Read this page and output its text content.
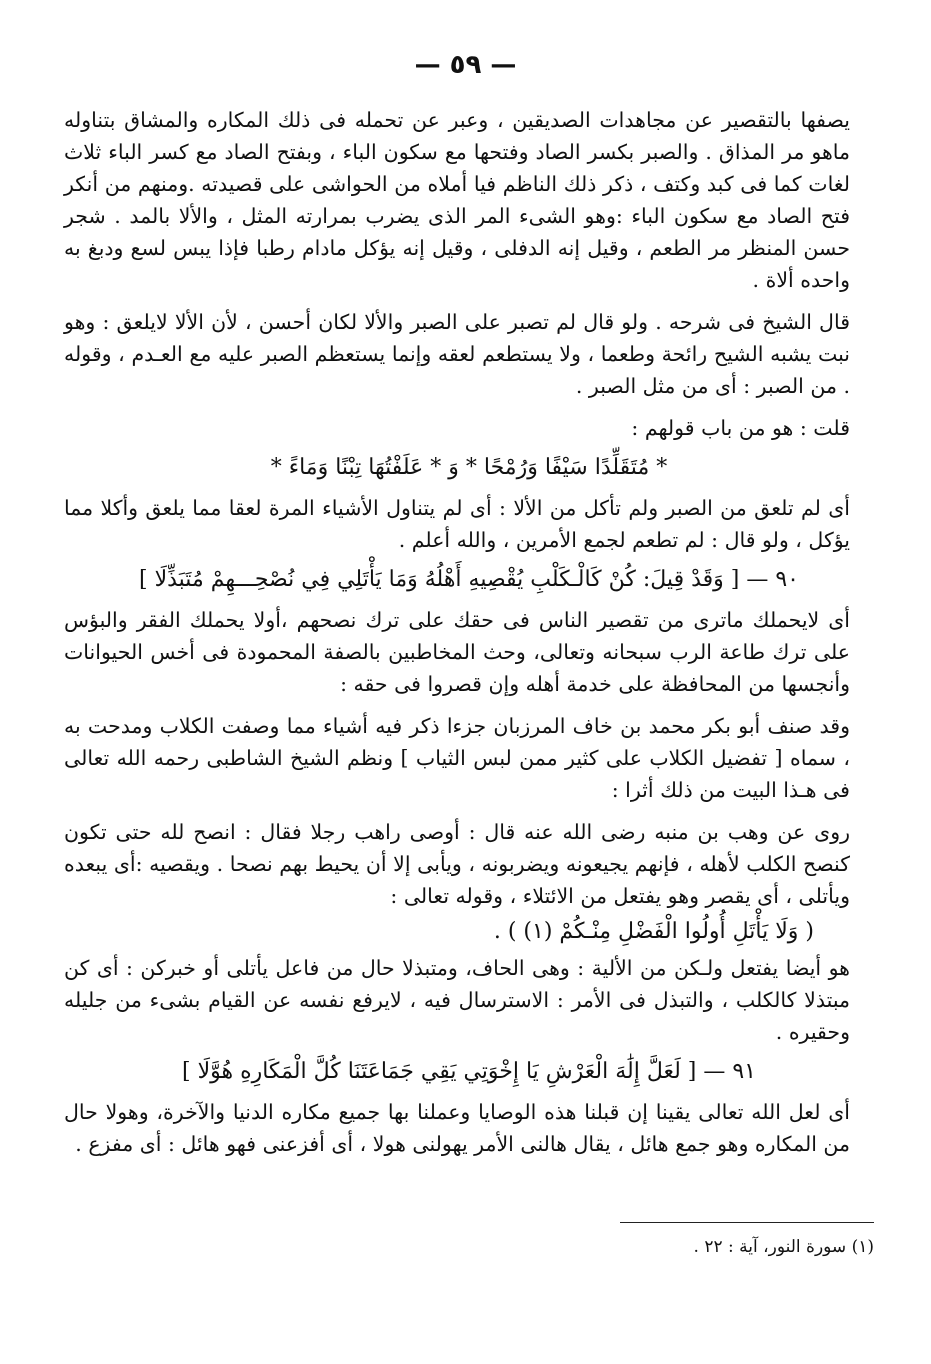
— ٥٩ —

يصفها بالتقصير عن مجاهدات الصديقين ، وعبر عن تحمله فى ذلك المكاره والمشاق بتناوله ماهو مر المذاق . والصبر بكسر الصاد وفتحها مع سكون الباء ، وبفتح الصاد مع كسر الباء ثلاث لغات كما فى كبد وكتف ، ذكر ذلك الناظم فيا أملاه من الحواشى على قصيدته .ومنهم من أنكر فتح الصاد مع سكون الباء :وهو الشىء المر الذى يضرب بمرارته المثل ، والألا بالمد . شجر حسن المنظر مر الطعم ، وقيل إنه الدفلى ، وقيل إنه يؤكل مادام رطبا فإذا يبس لسع ودبغ به واحده ألاة .

قال الشيخ فى شرحه . ولو قال لم تصبر على الصبر والألا لكان أحسن ، لأن الألا لايلعق : وهو نبت يشبه الشيح رائحة وطعما ، ولا يستطعم لعقه وإنما يستعظم الصبر عليه مع العـدم ، وقوله . من الصبر : أى من مثل الصبر .

قلت : هو من باب قولهم :

* مُتَقَلِّدًا سَيْفًا وَرُمْحًا * وَ * عَلَفْتُهَا تِبْنًا وَمَاءً *

أى لم تلعق من الصبر ولم تأكل من الألا : أى لم يتناول الأشياء المرة لعقا مما يلعق وأكلا مما يؤكل ، ولو قال : لم تطعم لجمع الأمرين ، والله أعلم .

٩٠ — [ وَقَدْ قِيلَ: كُنْ كَالْـكَلْبِ يُقْصِيهِ أَهْلُهُ وَمَا يَأْتَلِي فِي نُصْحِـــهِمْ مُتَبَذِّلَا ]

أى لايحملك ماترى من تقصير الناس فى حقك على ترك نصحهم ،أولا يحملك الفقر والبؤس على ترك طاعة الرب سبحانه وتعالى، وحث المخاطبين بالصفة المحمودة فى أخس الحيوانات وأنجسها من المحافظة على خدمة أهله وإن قصروا فى حقه :

وقد صنف أبو بكر محمد بن خاف المرزبان جزءا ذكر فيه أشياء مما وصفت الكلاب ومدحت به ، سماه [ تفضيل الكلاب على كثير ممن لبس الثياب ] ونظم الشيخ الشاطبى رحمه الله تعالى فى هـذا البيت من ذلك أثرا :

روى عن وهب بن منبه رضى الله عنه قال : أوصى راهب رجلا فقال : انصح لله حتى تكون كنصح الكلب لأهله ، فإنهم يجيعونه ويضربونه ، ويأبى إلا أن يحيط بهم نصحا . ويقصيه :أى يبعده ويأتلى ، أى يقصر وهو يفتعل من الائتلاء ، وقوله تعالى :

( وَلَا يَأْتَلِ أُولُوا الْفَضْلِ مِنْـكُمْ (١) ) .

هو أيضا يفتعل ولـكن من الألية : وهى الحاف، ومتبذلا حال من فاعل يأتلى أو خبركن : أى كن مبتذلا كالكلب ، والتبذل فى الأمر : الاسترسال فيه ، لايرفع نفسه عن القيام بشىء من جليله وحقيره .

٩١ — [ لَعَلَّ إِلَٰهَ الْعَرْشِ يَا إِخْوَتِي يَقِي جَمَاعَتَنَا كُلَّ الْمَكَارِهِ هُوَّلَا ]

أى لعل الله تعالى يقينا إن قبلنا هذه الوصايا وعملنا بها جميع مكاره الدنيا والآخرة، وهولا حال من المكاره وهو جمع هائل ، يقال هالنى الأمر يهولنى هولا ، أى أفزعنى فهو هائل : أى مفزع .

(١) سورة النور، آية : ٢٢ .
